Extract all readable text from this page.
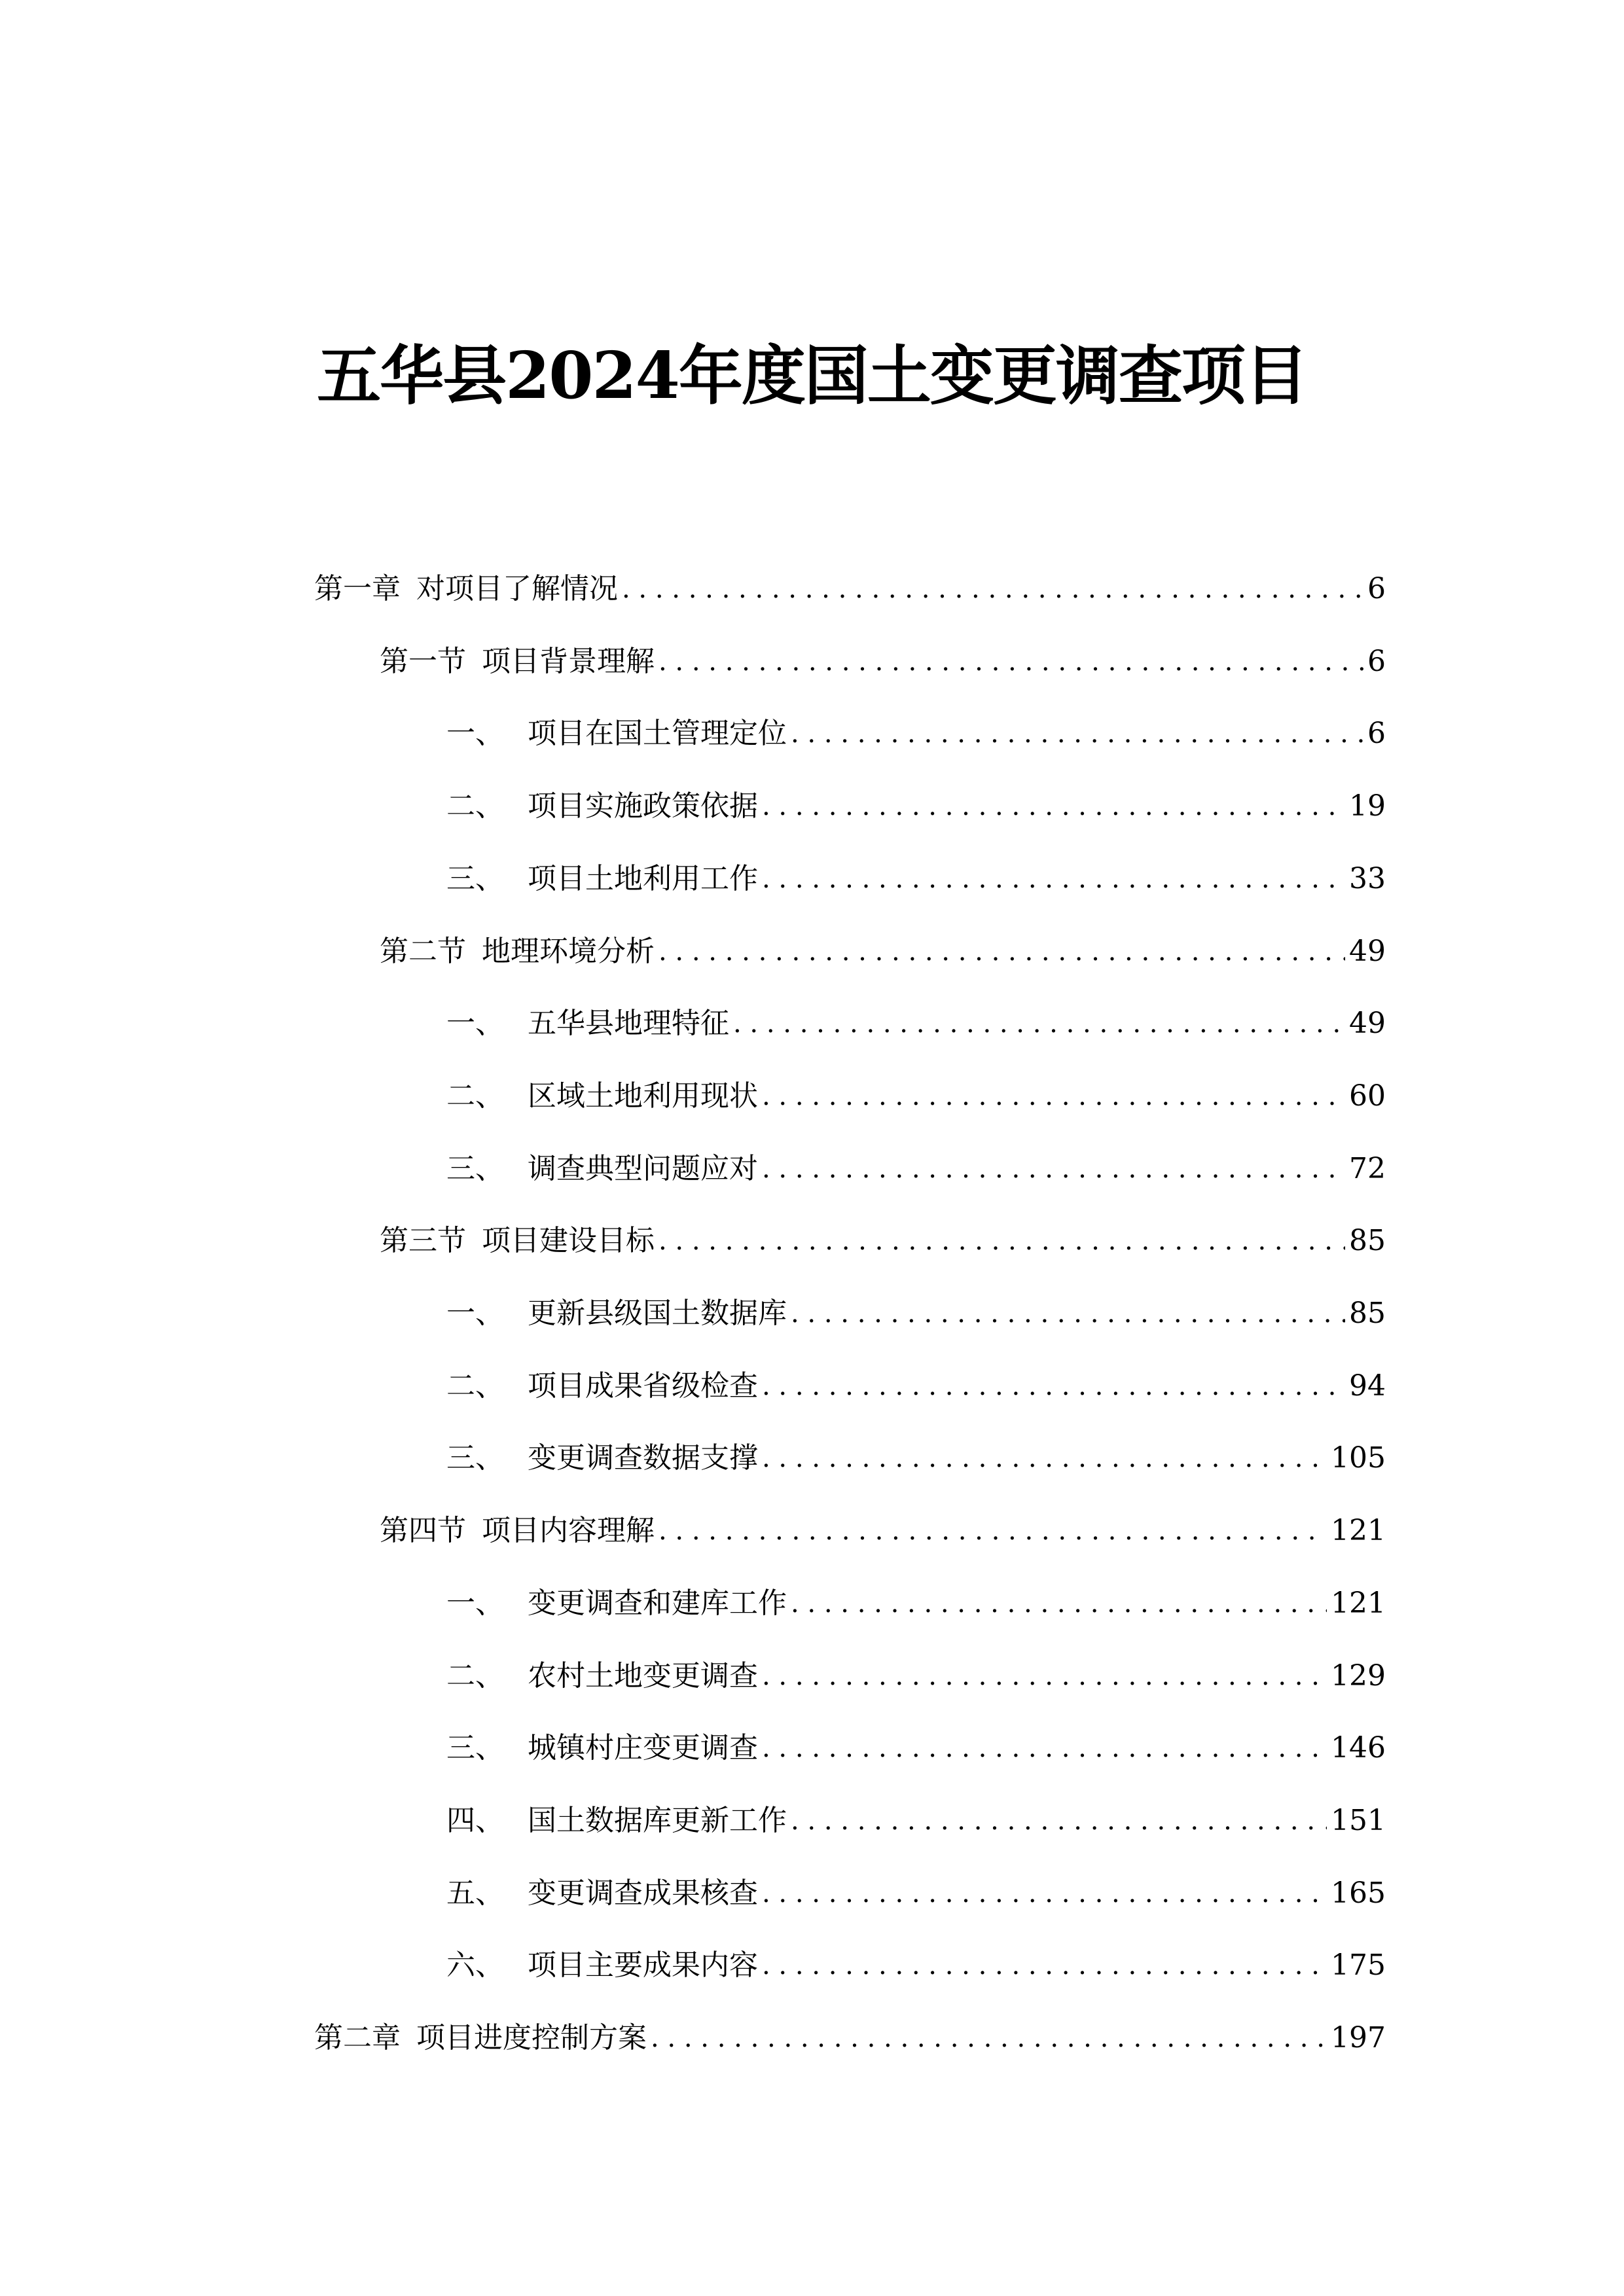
五华县2024年度国土变更调查项目
第一章 对项目了解情况 . . .	6
第一节 项目背景理解 . . .	6
一、 项目在国土管理定位 . . .	6
二、 项目实施政策依据 . . .	19
三、 项目土地利用工作 . . .	33
第二节 地理环境分析 . . .	49
一、 五华县地理特征 . . .	49
二、 区域土地利用现状 . . .	60
三、 调查典型问题应对 . . .	72
第三节 项目建设目标 . . .	85
一、 更新县级国土数据库 . . .	85
二、 项目成果省级检查 . . .	94
三、 变更调查数据支撑 . . .	105
第四节 项目内容理解 . . .	121
一、 变更调查和建库工作 . . .	121
二、 农村土地变更调查 . . .	129
三、 城镇村庄变更调查 . . .	146
四、 国土数据库更新工作 . . .	151
五、 变更调查成果核查 . . .	165
六、 项目主要成果内容 . . .	175
第二章 项目进度控制方案 . . .	197
